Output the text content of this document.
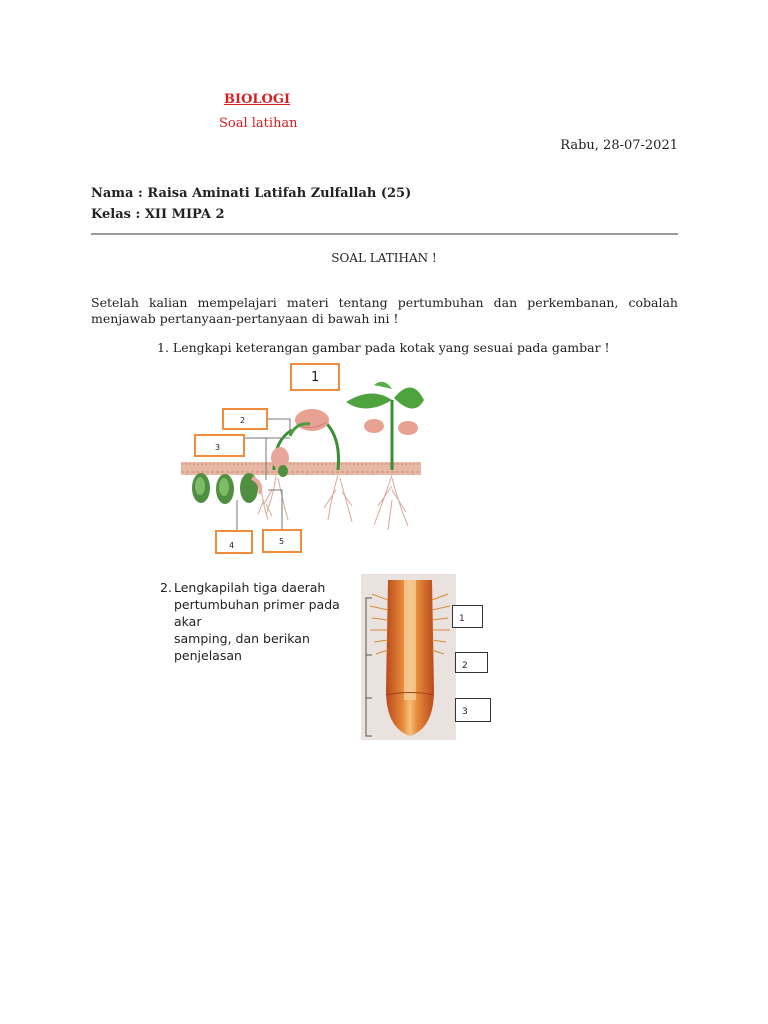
BIOLOGI
Soal latihan
Rabu, 28-07-2021
Nama : Raisa Aminati Latifah Zulfallah (25)
Kelas : XII MIPA 2
SOAL LATIHAN !
Setelah kalian mempelajari materi tentang pertumbuhan dan perkembanan, cobalah menjawab pertanyaan-pertanyaan di bawah ini !
1. Lengkapi keterangan gambar pada kotak yang sesuai pada gambar !
1
2
3
4	5
2. Lengkapilah tiga daerah
pertumbuhan primer pada akar
samping, dan berikan penjelasan
1
2
3
